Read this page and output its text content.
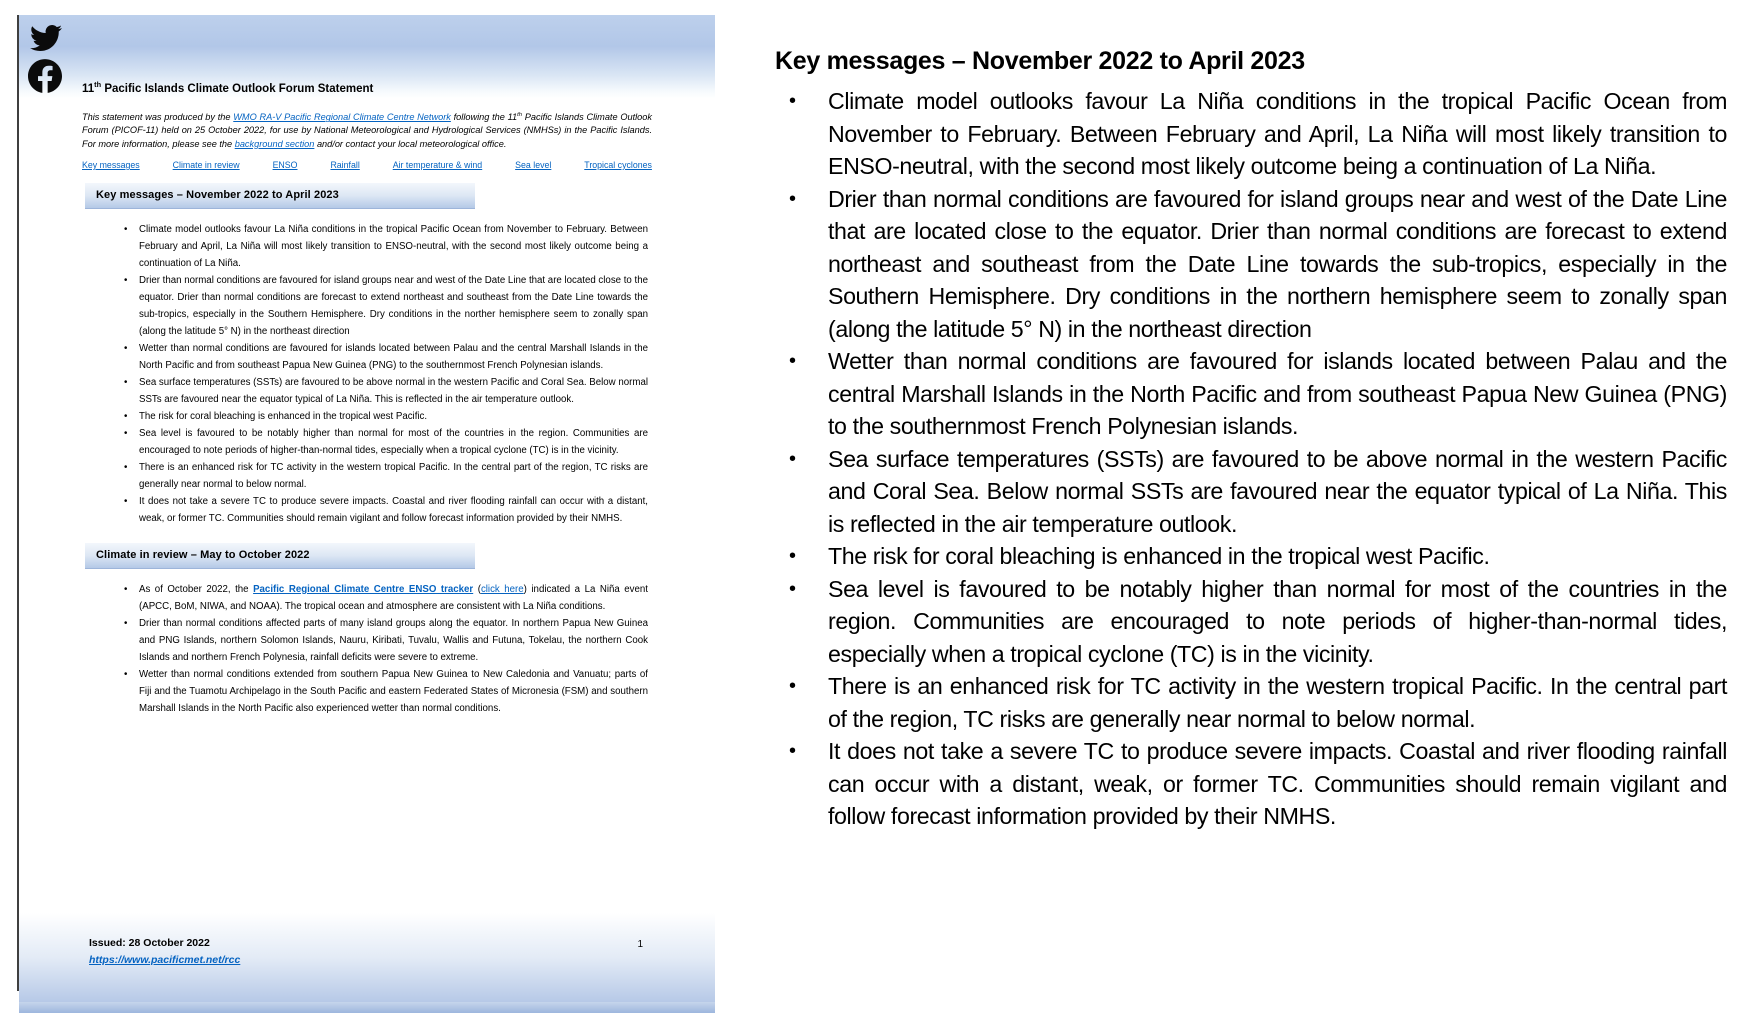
11th Pacific Islands Climate Outlook Forum Statement

This statement was produced by the WMO RA-V Pacific Regional Climate Centre Network following the 11th Pacific Islands Climate Outlook Forum (PICOF-11) held on 25 October 2022, for use by National Meteorological and Hydrological Services (NMHSs) in the Pacific Islands. For more information, please see the background section and/or contact your local meteorological office.

Key messages	Climate in review	ENSO	Rainfall	Air temperature & wind	Sea level	Tropical cyclones
Key messages – November 2022 to April 2023
• Climate model outlooks favour La Niña conditions in the tropical Pacific Ocean from November to February. Between February and April, La Niña will most likely transition to ENSO-neutral, with the second most likely outcome being a continuation of La Niña.
• Drier than normal conditions are favoured for island groups near and west of the Date Line that are located close to the equator. Drier than normal conditions are forecast to extend northeast and southeast from the Date Line towards the sub-tropics, especially in the Southern Hemisphere. Dry conditions in the norther hemisphere seem to zonally span (along the latitude 5° N) in the northeast direction
• Wetter than normal conditions are favoured for islands located between Palau and the central Marshall Islands in the North Pacific and from southeast Papua New Guinea (PNG) to the southernmost French Polynesian islands.
• Sea surface temperatures (SSTs) are favoured to be above normal in the western Pacific and Coral Sea. Below normal SSTs are favoured near the equator typical of La Niña. This is reflected in the air temperature outlook.
• The risk for coral bleaching is enhanced in the tropical west Pacific.
• Sea level is favoured to be notably higher than normal for most of the countries in the region. Communities are encouraged to note periods of higher-than-normal tides, especially when a tropical cyclone (TC) is in the vicinity.
• There is an enhanced risk for TC activity in the western tropical Pacific. In the central part of the region, TC risks are generally near normal to below normal.
• It does not take a severe TC to produce severe impacts. Coastal and river flooding rainfall can occur with a distant, weak, or former TC. Communities should remain vigilant and follow forecast information provided by their NMHS.
Climate in review – May to October 2022
• As of October 2022, the Pacific Regional Climate Centre ENSO tracker (click here) indicated a La Niña event (APCC, BoM, NIWA, and NOAA). The tropical ocean and atmosphere are consistent with La Niña conditions.
• Drier than normal conditions affected parts of many island groups along the equator. In northern Papua New Guinea and PNG Islands, northern Solomon Islands, Nauru, Kiribati, Tuvalu, Wallis and Futuna, Tokelau, the northern Cook Islands and northern French Polynesia, rainfall deficits were severe to extreme.
• Wetter than normal conditions extended from southern Papua New Guinea to New Caledonia and Vanuatu; parts of Fiji and the Tuamotu Archipelago in the South Pacific and eastern Federated States of Micronesia (FSM) and southern Marshall Islands in the North Pacific also experienced wetter than normal conditions.
Issued: 28 October 2022
https://www.pacificmet.net/rcc
1
Key messages – November 2022 to April 2023
• Climate model outlooks favour La Niña conditions in the tropical Pacific Ocean from November to February. Between February and April, La Niña will most likely transition to ENSO-neutral, with the second most likely outcome being a continuation of La Niña.
• Drier than normal conditions are favoured for island groups near and west of the Date Line that are located close to the equator. Drier than normal conditions are forecast to extend northeast and southeast from the Date Line towards the sub-tropics, especially in the Southern Hemisphere. Dry conditions in the northern hemisphere seem to zonally span (along the latitude 5° N) in the northeast direction
• Wetter than normal conditions are favoured for islands located between Palau and the central Marshall Islands in the North Pacific and from southeast Papua New Guinea (PNG) to the southernmost French Polynesian islands.
• Sea surface temperatures (SSTs) are favoured to be above normal in the western Pacific and Coral Sea. Below normal SSTs are favoured near the equator typical of La Niña. This is reflected in the air temperature outlook.
• The risk for coral bleaching is enhanced in the tropical west Pacific.
• Sea level is favoured to be notably higher than normal for most of the countries in the region. Communities are encouraged to note periods of higher-than-normal tides, especially when a tropical cyclone (TC) is in the vicinity.
• There is an enhanced risk for TC activity in the western tropical Pacific. In the central part of the region, TC risks are generally near normal to below normal.
• It does not take a severe TC to produce severe impacts. Coastal and river flooding rainfall can occur with a distant, weak, or former TC. Communities should remain vigilant and follow forecast information provided by their NMHS.
